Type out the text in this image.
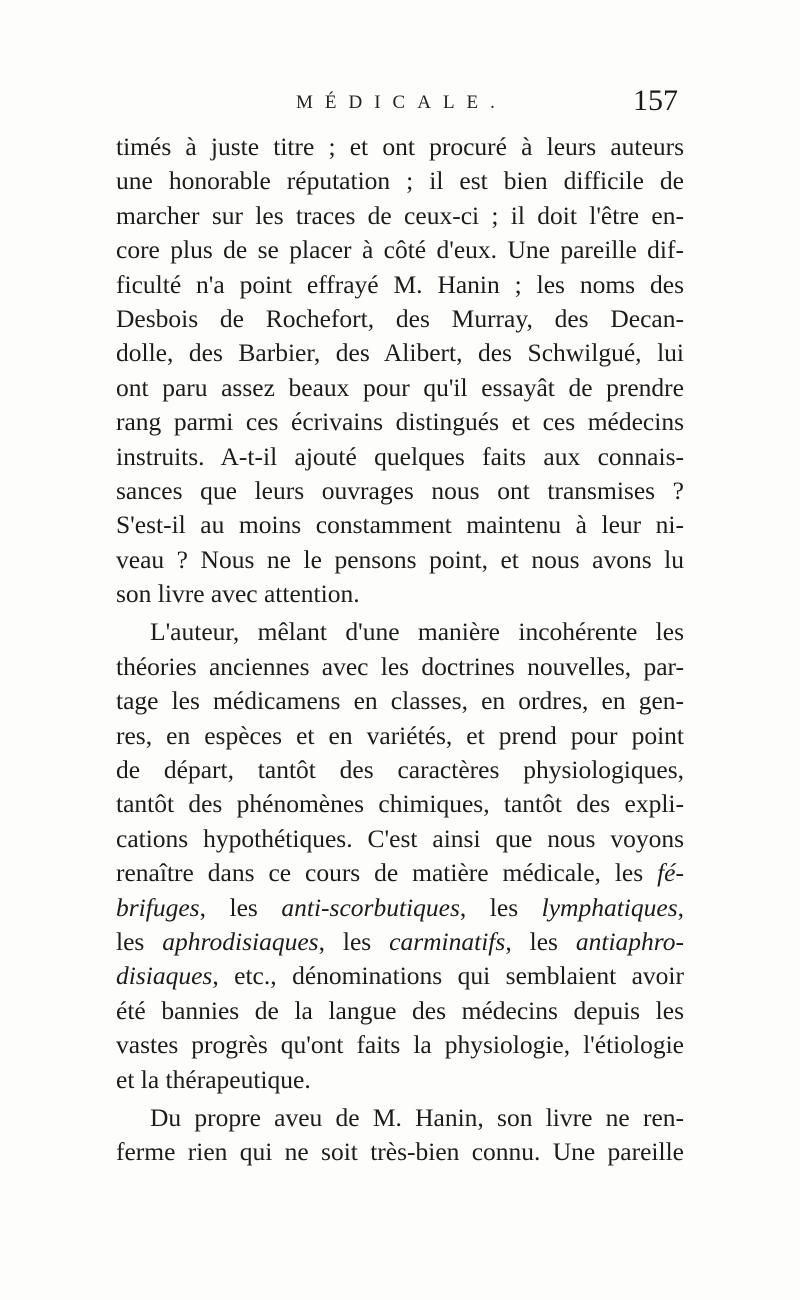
MÉDICALE.	157
timés à juste titre ; et ont procuré à leurs auteurs
une honorable réputation ; il est bien difficile de
marcher sur les traces de ceux-ci ; il doit l'être en-
core plus de se placer à côté d'eux. Une pareille dif-
ficulté n'a point effrayé M. Hanin ; les noms des
Desbois de Rochefort, des Murray, des Decan-
dolle, des Barbier, des Alibert, des Schwilgué, lui
ont paru assez beaux pour qu'il essayât de prendre
rang parmi ces écrivains distingués et ces médecins
instruits. A-t-il ajouté quelques faits aux connais-
sances que leurs ouvrages nous ont transmises ?
S'est-il au moins constamment maintenu à leur ni-
veau ? Nous ne le pensons point, et nous avons lu
son livre avec attention.
L'auteur, mêlant d'une manière incohérente les
théories anciennes avec les doctrines nouvelles, par-
tage les médicamens en classes, en ordres, en gen-
res, en espèces et en variétés, et prend pour point
de départ, tantôt des caractères physiologiques,
tantôt des phénomènes chimiques, tantôt des expli-
cations hypothétiques. C'est ainsi que nous voyons
renaître dans ce cours de matière médicale, les fé-
brifuges, les anti-scorbutiques, les lymphatiques,
les aphrodisiaques, les carminatifs, les antiaphro-
disiaques, etc., dénominations qui semblaient avoir
été bannies de la langue des médecins depuis les
vastes progrès qu'ont faits la physiologie, l'étiologie
et la thérapeutique.
Du propre aveu de M. Hanin, son livre ne ren-
ferme rien qui ne soit très-bien connu. Une pareille
